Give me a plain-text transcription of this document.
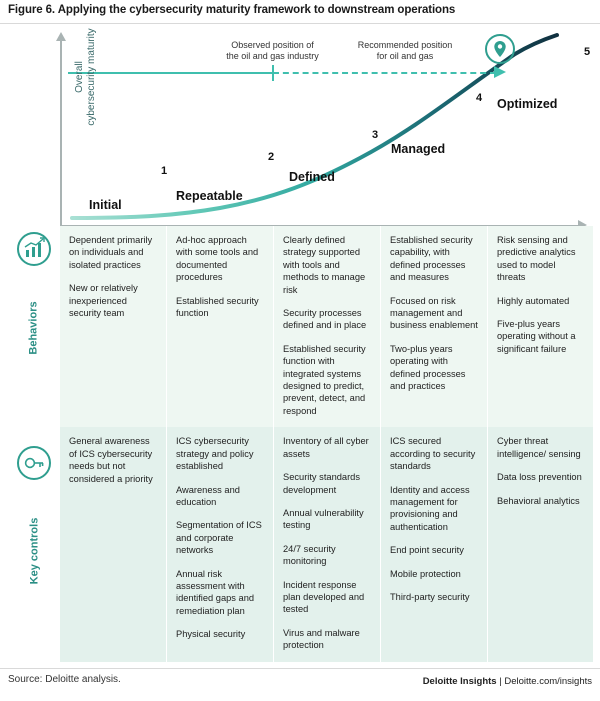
Figure 6. Applying the cybersecurity maturity framework to downstream operations
Observed position of
the oil and gas industry
Recommended position
for oil and gas
Overall cybersecurity maturity
1
2
3
4
5
Initial
Repeatable
Defined
Managed
Optimized
Behaviors
Key controls

Dependent primarily on individuals and isolated practices

New or relatively inexperienced security team

Ad-hoc approach with some tools and documented procedures

Established security function

Clearly defined strategy supported with tools and methods to manage risk

Security processes defined and in place

Established security function with integrated systems designed to predict, prevent, detect, and respond

Established security capability, with defined processes and measures

Focused on risk management and business enablement

Two-plus years operating with defined processes and practices

Risk sensing and predictive analytics used to model threats

Highly automated

Five-plus years operating without a significant failure

General awareness of ICS cybersecurity needs but not considered a priority

ICS cybersecurity strategy and policy established

Awareness and education

Segmentation of ICS and corporate networks

Annual risk assessment with identified gaps and remediation plan

Physical security

Inventory of all cyber assets

Security standards development

Annual vulnerability testing

24/7 security monitoring

Incident response plan developed and tested

Virus and malware protection

ICS secured according to security standards

Identity and access management for provisioning and authentication

End point security

Mobile protection

Third-party security

Cyber threat intelligence/ sensing

Data loss prevention

Behavioral analytics

Source: Deloitte analysis.	Deloitte Insights | Deloitte.com/insights
